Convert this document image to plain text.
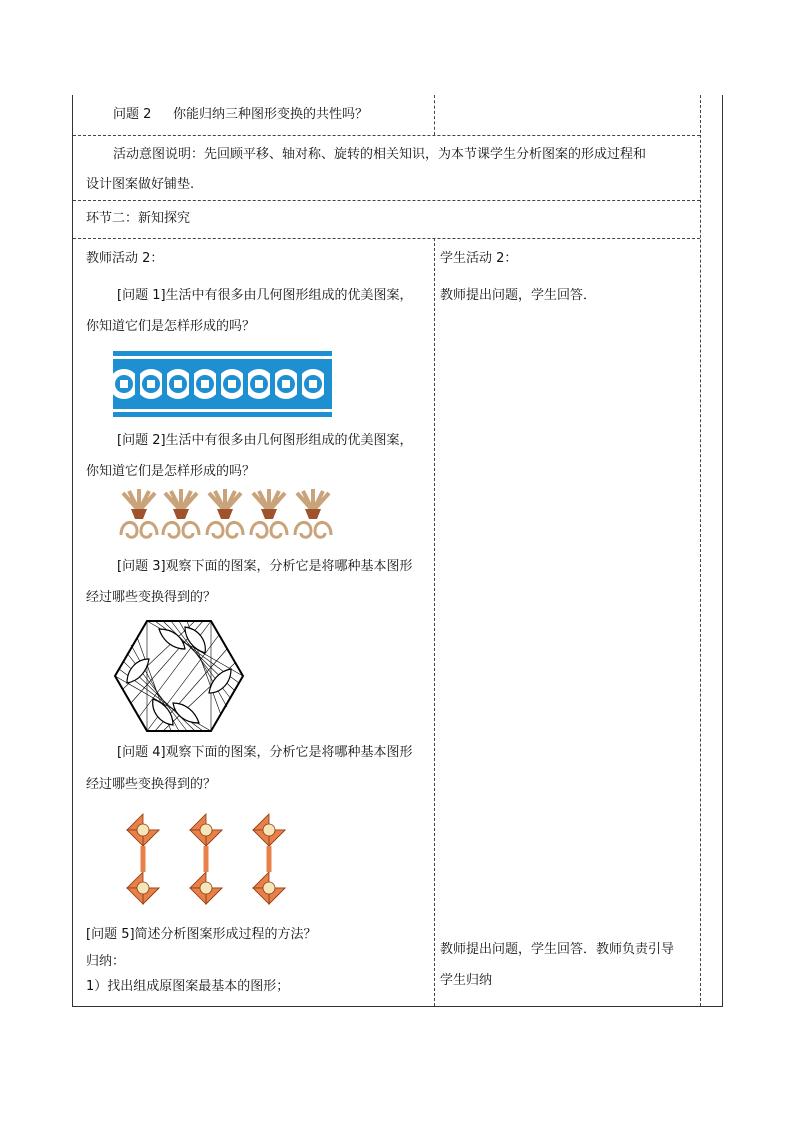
问题 2 你能归纳三种图形变换的共性吗？
活动意图说明：先回顾平移、轴对称、旋转的相关知识，为本节课学生分析图案的形成过程和
设计图案做好铺垫.
环节二：新知探究
教师活动 2：
[问题 1]生活中有很多由几何图形组成的优美图案，
你知道它们是怎样形成的吗？
[问题 2]生活中有很多由几何图形组成的优美图案，
你知道它们是怎样形成的吗？
[问题 3]观察下面的图案，分析它是将哪种基本图形
经过哪些变换得到的？
[问题 4]观察下面的图案，分析它是将哪种基本图形
经过哪些变换得到的？
[问题 5]简述分析图案形成过程的方法？
归纳：
1）找出组成原图案最基本的图形；
学生活动 2：
教师提出问题，学生回答．
教师提出问题，学生回答．教师负责引导
学生归纳
